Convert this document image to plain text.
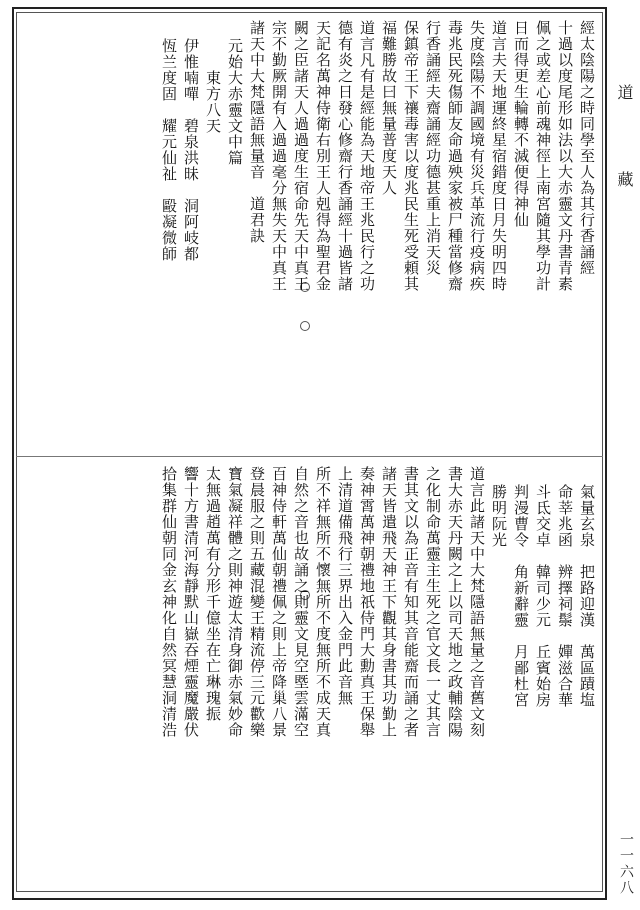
道 藏
一一六八
經太陰陽之時同學至人為其行香誦經
十過以度尾形如法以大赤靈文丹書青素
佩之或差心前魂神徑上南宮隨其學功計
日而得更生輪轉不滅便得神仙
道言夫天地運終星宿錯度日月失明四時
失度陰陽不調國境有災兵革流行疫病疾
毒兆民死傷師友命過殃家被尸種當修齋
行香誦經夫齋誦經功德甚重上消天災
保鎮帝王下禳毒害以度兆民生死受頼其
福難勝故曰無量普度天人
道言凡有是經能為天地帝王兆民行之功
德有炎之日發心修齋行香誦經十過皆諸
天記名萬神侍衛右別王人剋得為聖君金
闕之臣諸天人過過度生宿命先天中真王
宗不勤厥開有入過過毫分無失天中真王
諸天中大梵隱語無量音　道君訣
元始大赤靈文中篇
東方八天
伊惟喃嘽　碧泉洪昧　洞阿岐都
恆兰度固　耀元仙祉　毆凝微師
氣量玄泉　把路迎漢　萬區蹟塩
命莘兆函　辨擇祠鬃　嬋滋合華
斗氐交卓　韓司少元　丘賓始房
判漫曹令　角新辭靈　月鄙杜宮
勝明阮光
道言此諸天中大梵隱語無量之音舊文刻
書大赤天丹闕之上以司天地之政輔陰陽
之化制命萬靈主生死之官文長一丈其言
書其文以為正音有知其音能齋而誦之者
諸天皆遣飛天神王下觀其身書其功勤上
奏神霄萬神朝禮地祇侍門大勳真王保舉
上清道備飛行三界出入金門此音無
所不祥無所不懷無所不度無所不成天真
自然之音也故誦之則靈文見空塈雲滿空
百神侍軒萬仙朝禮佩之則上帝降巢八景
登晨服之則五藏混變王精流停三元歡樂
寶氣凝祥體之則神遊太清身御赤氣妙命
太無過趙萬有分形千億坐在亡琳瑰振
響十方書清河海靜默山嶽吞煙靈魔嚴伏
拾集群仙朝同金玄神化自然冥慧洞清浩
